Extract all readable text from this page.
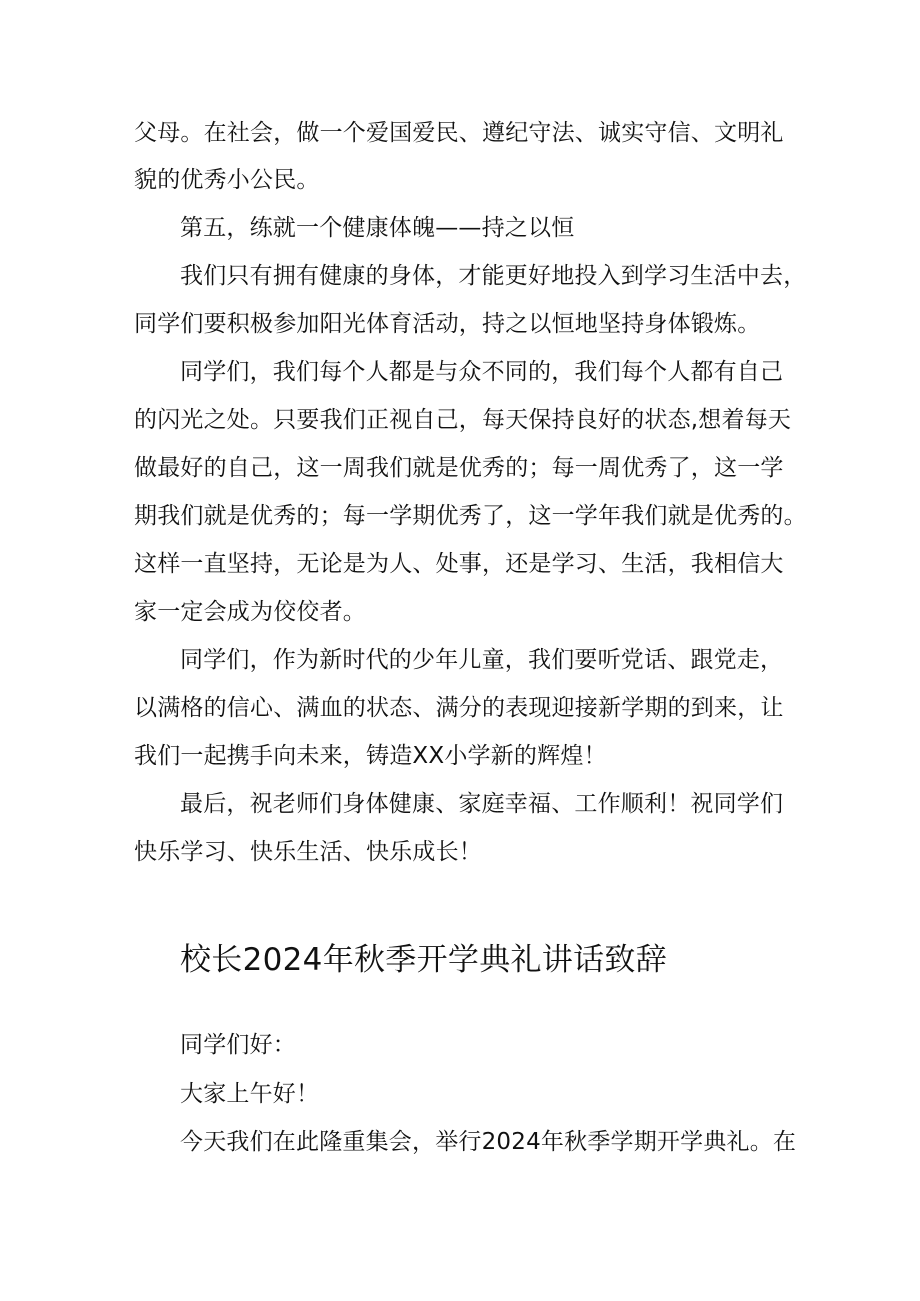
父母。在社会，做一个爱国爱民、遵纪守法、诚实守信、文明礼
貌的优秀小公民。
第五，练就一个健康体魄——持之以恒
我们只有拥有健康的身体，才能更好地投入到学习生活中去，
同学们要积极参加阳光体育活动，持之以恒地坚持身体锻炼。
同学们，我们每个人都是与众不同的，我们每个人都有自己
的闪光之处。只要我们正视自己，每天保持良好的状态,想着每天
做最好的自己，这一周我们就是优秀的；每一周优秀了，这一学
期我们就是优秀的；每一学期优秀了，这一学年我们就是优秀的。
这样一直坚持，无论是为人、处事，还是学习、生活，我相信大
家一定会成为佼佼者。
同学们，作为新时代的少年儿童，我们要听党话、跟党走，
以满格的信心、满血的状态、满分的表现迎接新学期的到来，让
我们一起携手向未来，铸造XX小学新的辉煌！
最后，祝老师们身体健康、家庭幸福、工作顺利！祝同学们
快乐学习、快乐生活、快乐成长！
校长2024年秋季开学典礼讲话致辞
同学们好：
大家上午好！
今天我们在此隆重集会，举行2024年秋季学期开学典礼。在
